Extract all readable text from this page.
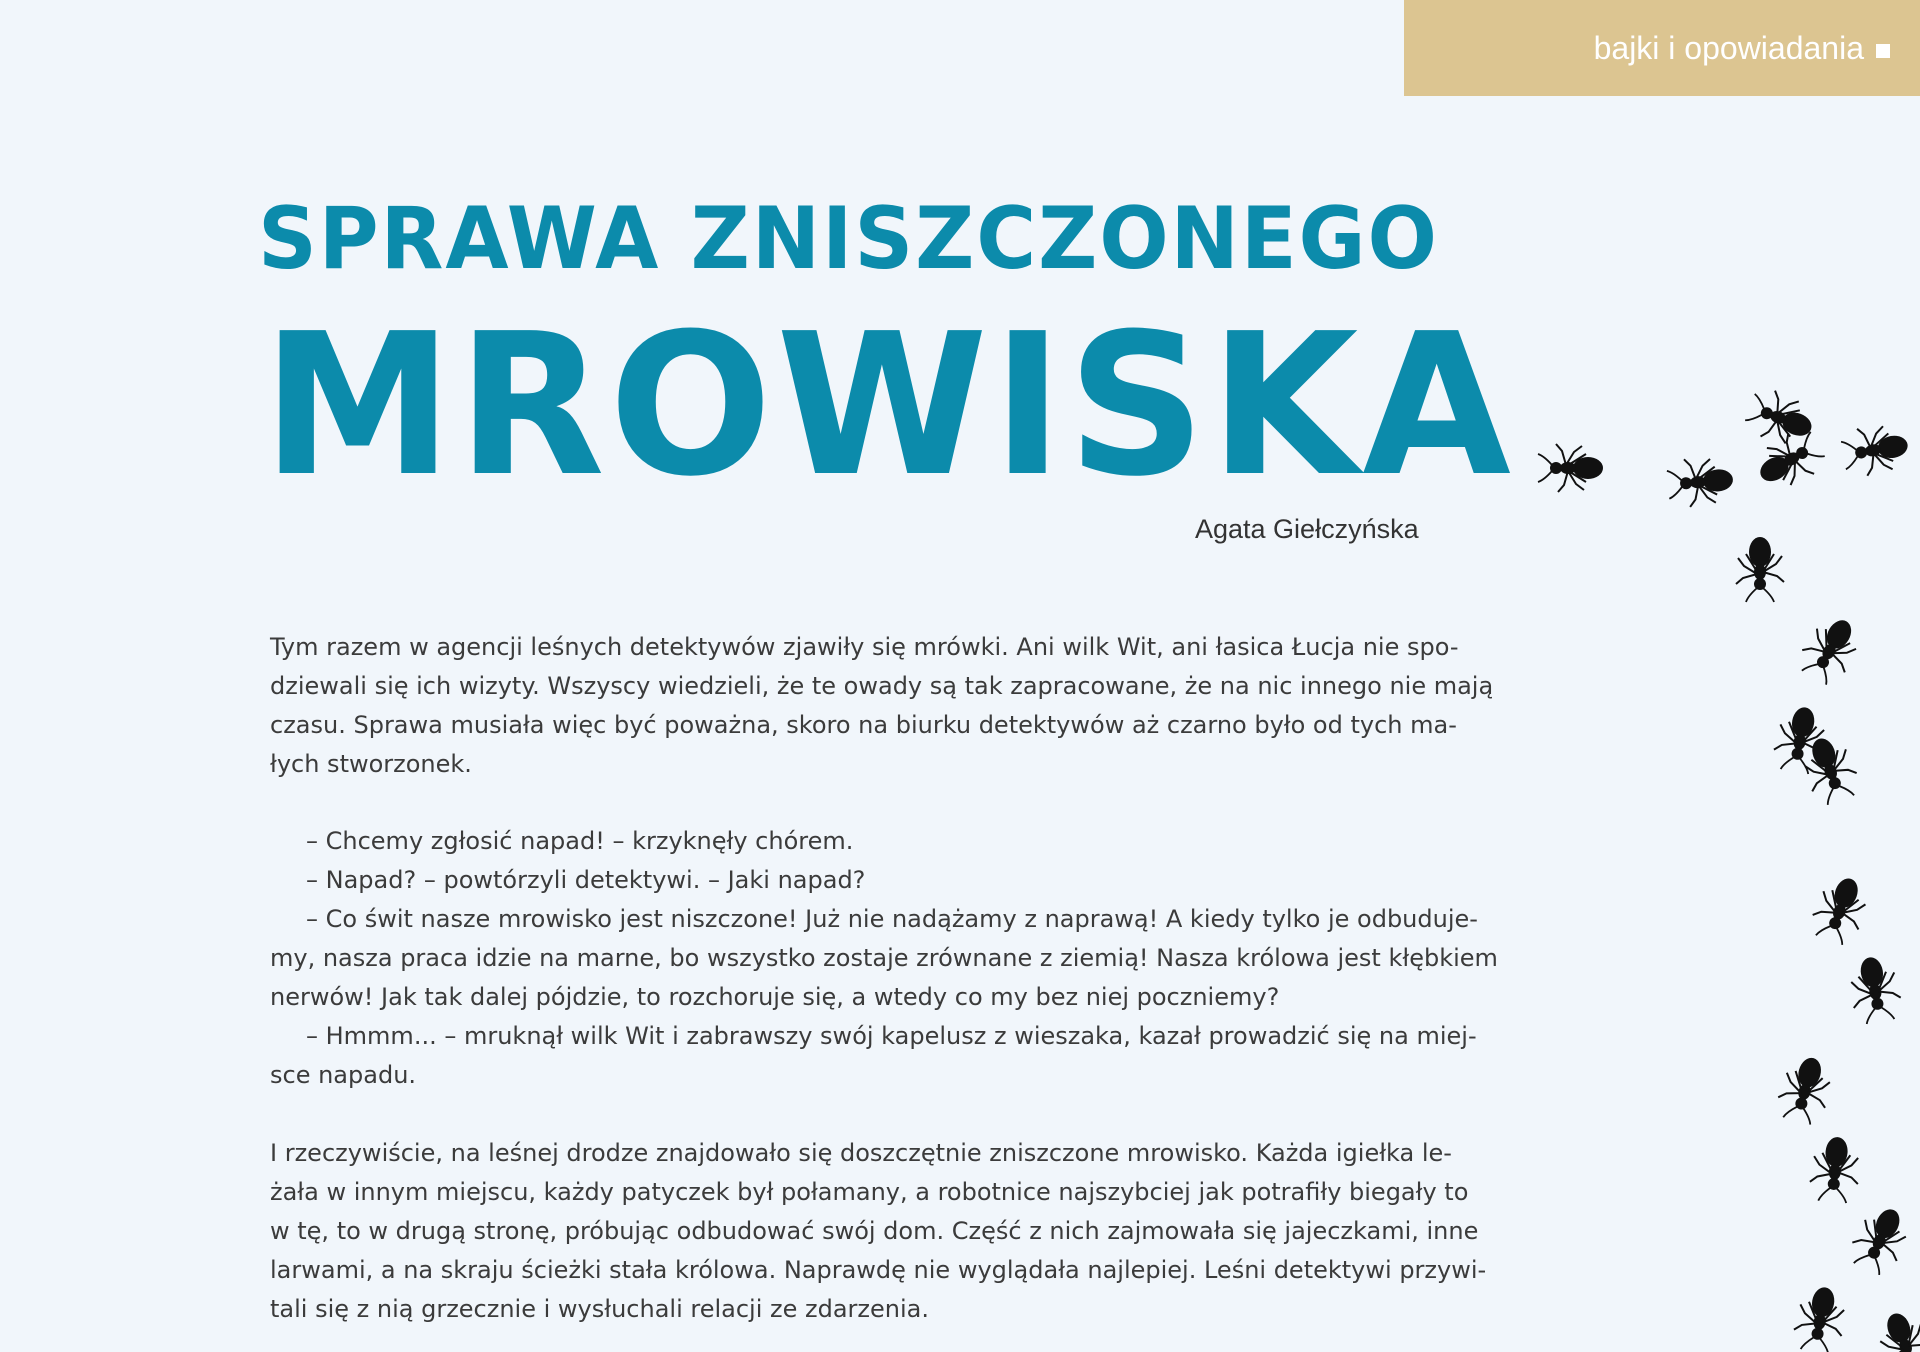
bajki i opowiadania
SPRAWA ZNISZCZONEGO
MROWISKA
Agata Giełczyńska
Tym razem w agencji leśnych detektywów zjawiły się mrówki. Ani wilk Wit, ani łasica Łucja nie spo-
dziewali się ich wizyty. Wszyscy wiedzieli, że te owady są tak zapracowane, że na nic innego nie mają
czasu. Sprawa musiała więc być poważna, skoro na biurku detektywów aż czarno było od tych ma-
łych stworzonek.
– Chcemy zgłosić napad! – krzyknęły chórem.
– Napad? – powtórzyli detektywi. – Jaki napad?
– Co świt nasze mrowisko jest niszczone! Już nie nadążamy z naprawą! A kiedy tylko je odbuduje-
my, nasza praca idzie na marne, bo wszystko zostaje zrównane z ziemią! Nasza królowa jest kłębkiem
nerwów! Jak tak dalej pójdzie, to rozchoruje się, a wtedy co my bez niej poczniemy?
– Hmmm... – mruknął wilk Wit i zabrawszy swój kapelusz z wieszaka, kazał prowadzić się na miej-
sce napadu.
I rzeczywiście, na leśnej drodze znajdowało się doszczętnie zniszczone mrowisko. Każda igiełka le-
żała w innym miejscu, każdy patyczek był połamany, a robotnice najszybciej jak potrafiły biegały to
w tę, to w drugą stronę, próbując odbudować swój dom. Część z nich zajmowała się jajeczkami, inne
larwami, a na skraju ścieżki stała królowa. Naprawdę nie wyglądała najlepiej. Leśni detektywi przywi-
tali się z nią grzecznie i wysłuchali relacji ze zdarzenia.
